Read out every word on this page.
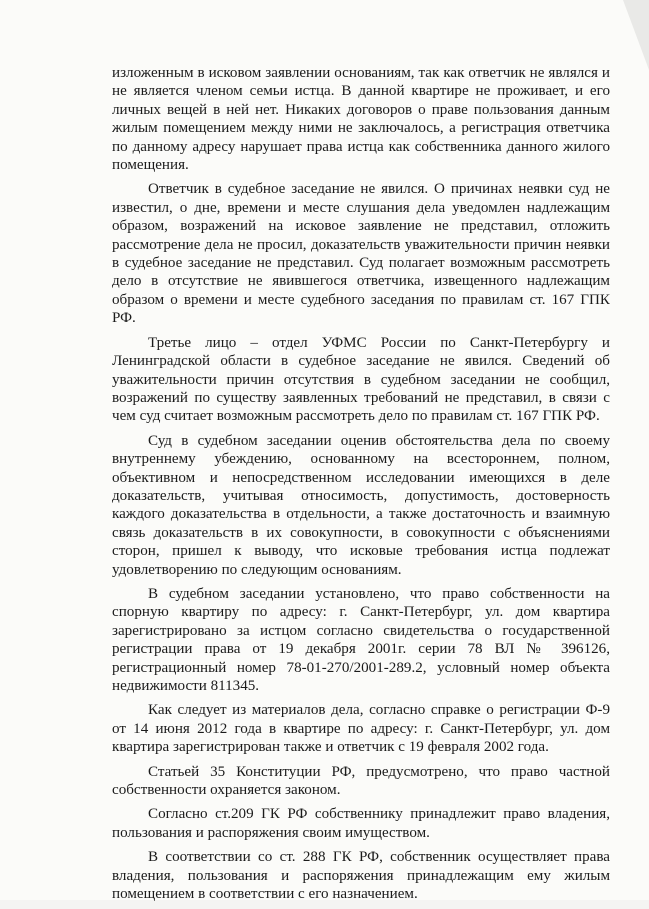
изложенным в исковом заявлении основаниям, так как ответчик не являлся и не является членом семьи истца. В данной квартире не проживает, и его личных вещей в ней нет. Никаких договоров о праве пользования данным жилым помещением между ними не заключалось, а регистрация ответчика по данному адресу нарушает права истца как собственника данного жилого помещения.

Ответчик в судебное заседание не явился. О причинах неявки суд не известил, о дне, времени и месте слушания дела уведомлен надлежащим образом, возражений на исковое заявление не представил, отложить рассмотрение дела не просил, доказательств уважительности причин неявки в судебное заседание не представил. Суд полагает возможным рассмотреть дело в отсутствие не явившегося ответчика, извещенного надлежащим образом о времени и месте судебного заседания по правилам ст. 167 ГПК РФ.

Третье лицо – отдел УФМС России по Санкт-Петербургу и Ленинградской области в судебное заседание не явился. Сведений об уважительности причин отсутствия в судебном заседании не сообщил, возражений по существу заявленных требований не представил, в связи с чем суд считает возможным рассмотреть дело по правилам ст. 167 ГПК РФ.

Суд в судебном заседании оценив обстоятельства дела по своему внутреннему убеждению, основанному на всестороннем, полном, объективном и непосредственном исследовании имеющихся в деле доказательств, учитывая относимость, допустимость, достоверность каждого доказательства в отдельности, а также достаточность и взаимную связь доказательств в их совокупности, в совокупности с объяснениями сторон, пришел к выводу, что исковые требования истца подлежат удовлетворению по следующим основаниям.

В судебном заседании установлено, что право собственности на спорную квартиру по адресу: г. Санкт-Петербург, ул. дом квартира зарегистрировано за истцом согласно свидетельства о государственной регистрации права от 19 декабря 2001г. серии 78 ВЛ № 396126, регистрационный номер 78-01-270/2001-289.2, условный номер объекта недвижимости 811345.

Как следует из материалов дела, согласно справке о регистрации Ф-9 от 14 июня 2012 года в квартире по адресу: г. Санкт-Петербург, ул. дом квартира зарегистрирован также и ответчик с 19 февраля 2002 года.

Статьей 35 Конституции РФ, предусмотрено, что право частной собственности охраняется законом.

Согласно ст.209 ГК РФ собственнику принадлежит право владения, пользования и распоряжения своим имуществом.

В соответствии со ст. 288 ГК РФ, собственник осуществляет права владения, пользования и распоряжения принадлежащим ему жилым помещением в соответствии с его назначением.
